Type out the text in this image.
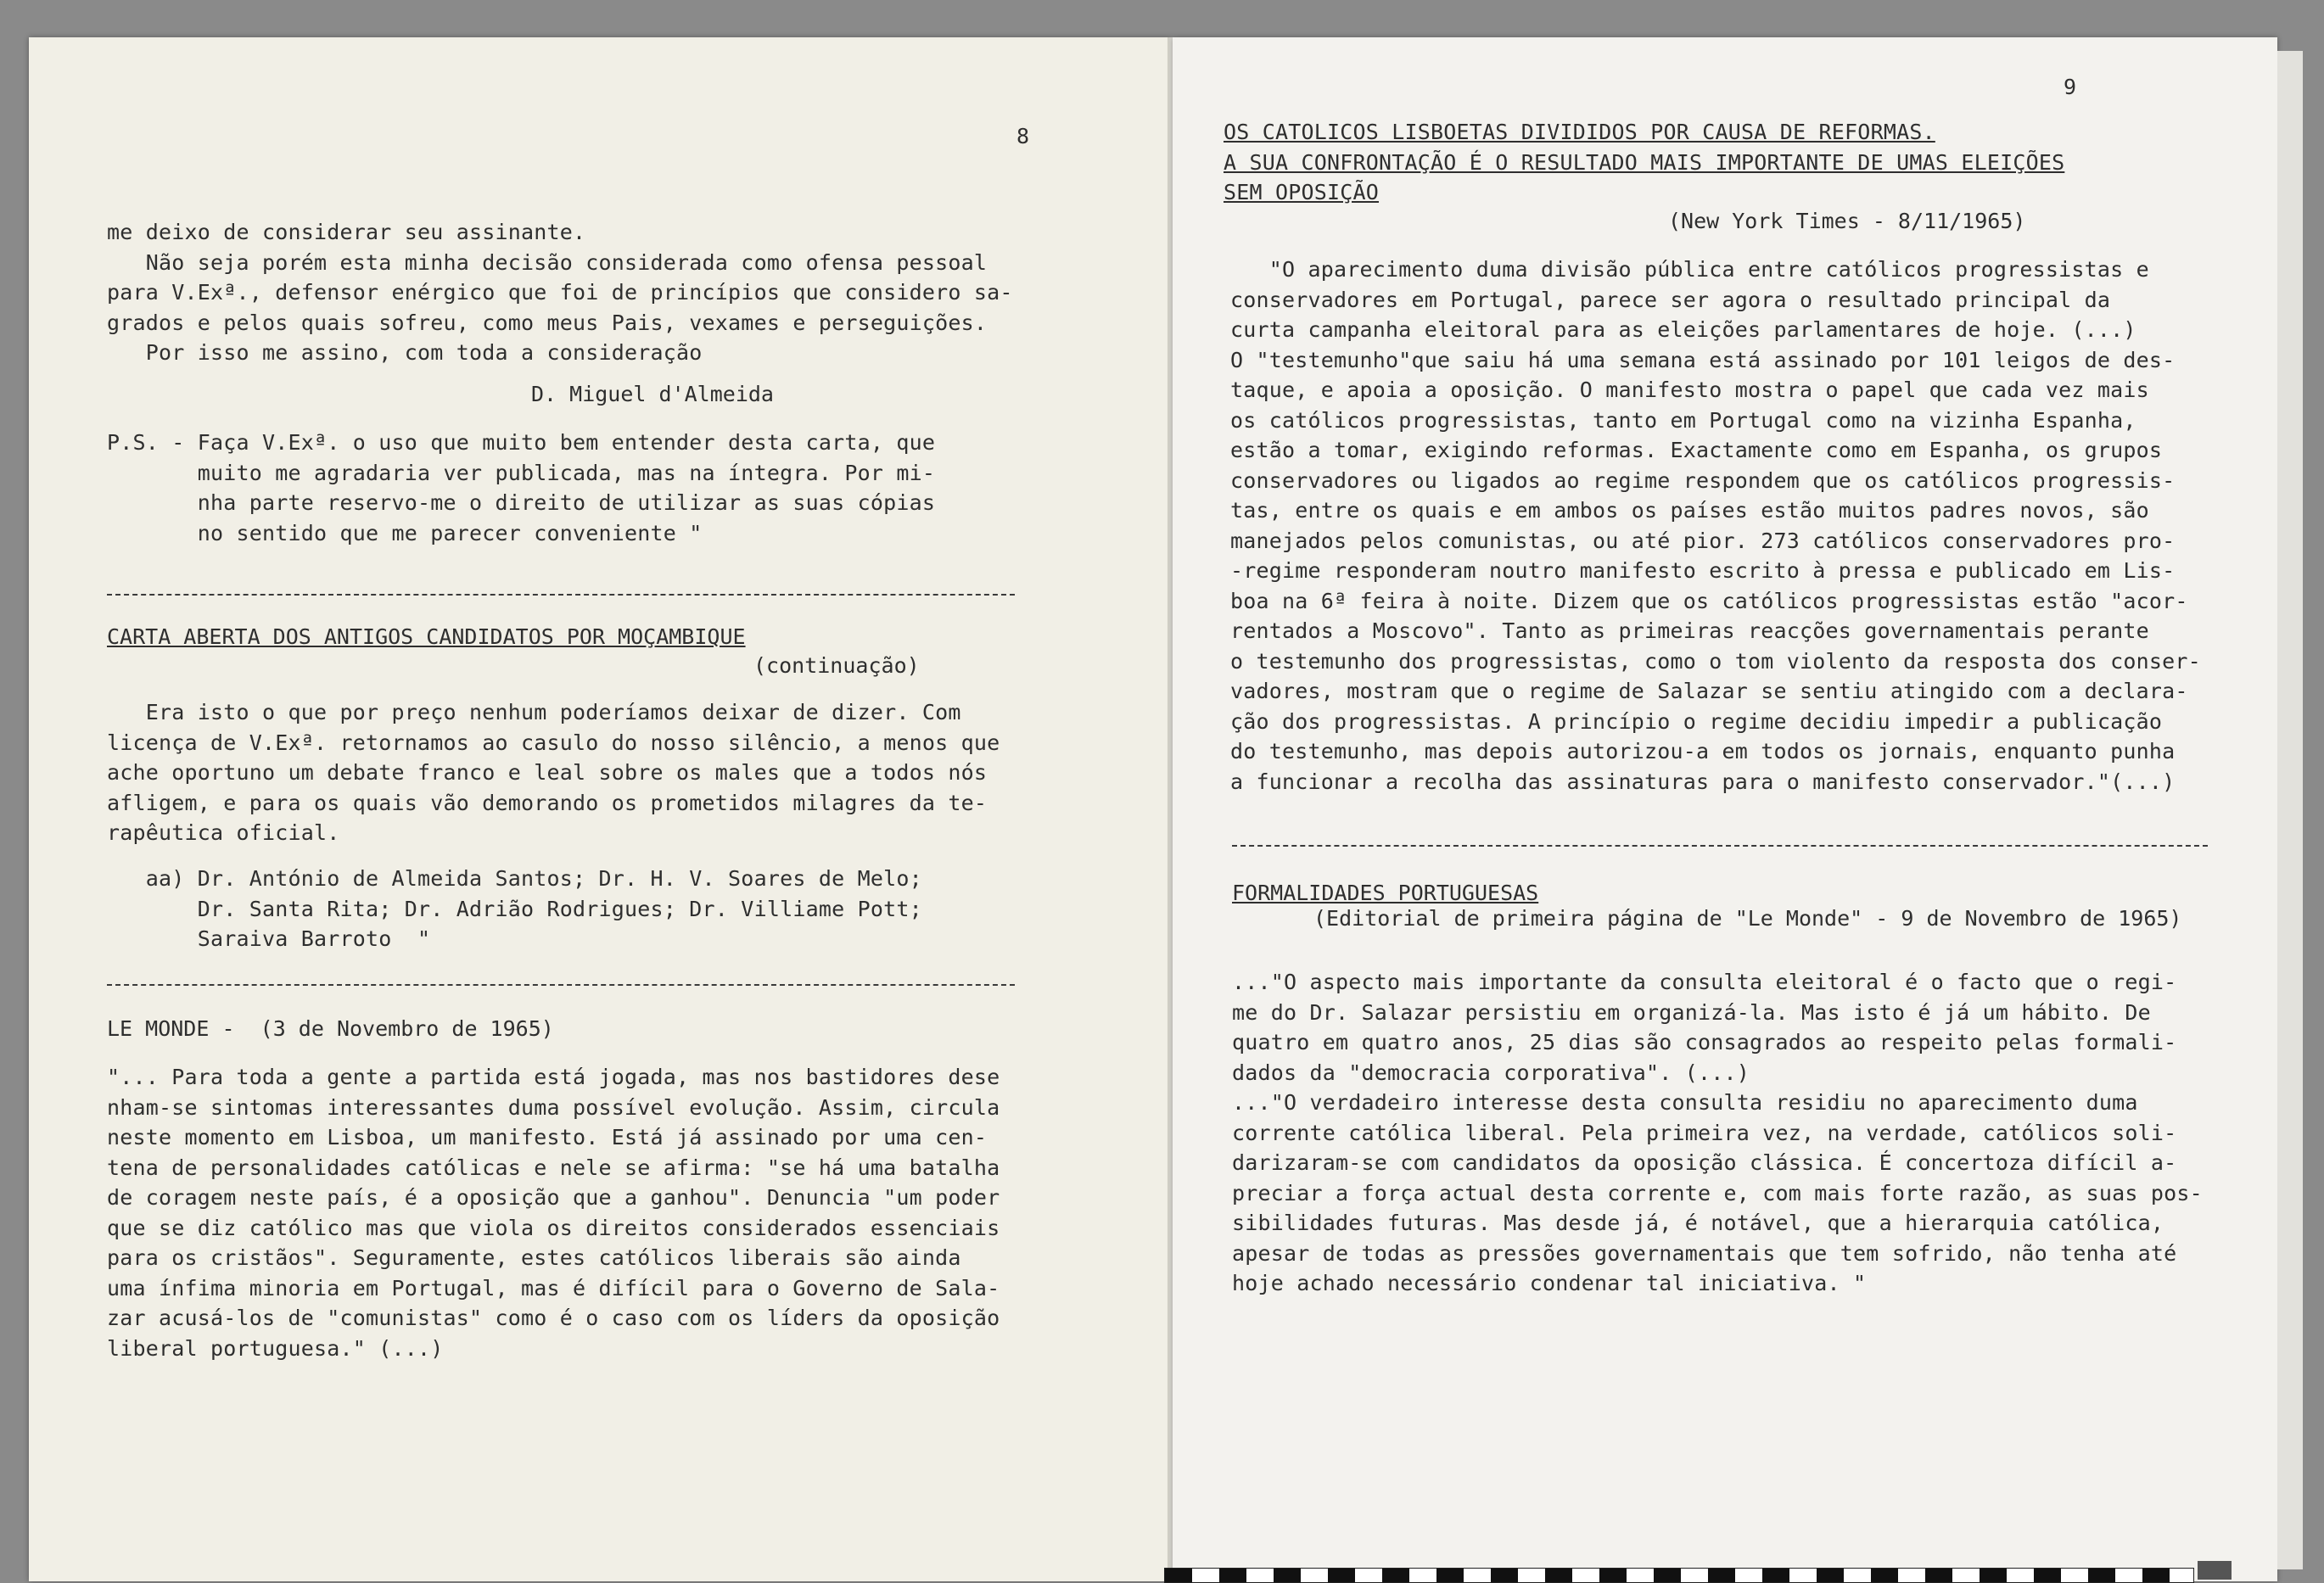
8
me deixo de considerar seu assinante.
Não seja porém esta minha decisão considerada como ofensa pessoal
para V.Exª., defensor enérgico que foi de princípios que considero sa-
grados e pelos quais sofreu, como meus Pais, vexames e perseguições.
Por isso me assino, com toda a consideração
D. Miguel d'Almeida
P.S. - Faça V.Exª. o uso que muito bem entender desta carta, que
muito me agradaria ver publicada, mas na íntegra. Por mi-
nha parte reservo-me o direito de utilizar as suas cópias
no sentido que me parecer conveniente "
CARTA ABERTA DOS ANTIGOS CANDIDATOS POR MOÇAMBIQUE
(continuação)
Era isto o que por preço nenhum poderíamos deixar de dizer. Com
licença de V.Exª. retornamos ao casulo do nosso silêncio, a menos que
ache oportuno um debate franco e leal sobre os males que a todos nós
afligem, e para os quais vão demorando os prometidos milagres da te-
rapêutica oficial.
aa) Dr. António de Almeida Santos; Dr. H. V. Soares de Melo;
Dr. Santa Rita; Dr. Adrião Rodrigues; Dr. Villiame Pott;
Saraiva Barroto  "
LE MONDE -  (3 de Novembro de 1965)
"... Para toda a gente a partida está jogada, mas nos bastidores dese
nham-se sintomas interessantes duma possível evolução. Assim, circula
neste momento em Lisboa, um manifesto. Está já assinado por uma cen-
tena de personalidades católicas e nele se afirma: "se há uma batalha
de coragem neste país, é a oposição que a ganhou". Denuncia "um poder
que se diz católico mas que viola os direitos considerados essenciais
para os cristãos". Seguramente, estes católicos liberais são ainda
uma ínfima minoria em Portugal, mas é difícil para o Governo de Sala-
zar acusá-los de "comunistas" como é o caso com os líders da oposição
liberal portuguesa." (...)
9
OS CATOLICOS LISBOETAS DIVIDIDOS POR CAUSA DE REFORMAS.
A SUA CONFRONTAÇÃO É O RESULTADO MAIS IMPORTANTE DE UMAS ELEIÇÕES
SEM OPOSIÇÃO
(New York Times - 8/11/1965)
"O aparecimento duma divisão pública entre católicos progressistas e
conservadores em Portugal, parece ser agora o resultado principal da
curta campanha eleitoral para as eleições parlamentares de hoje. (...)
O "testemunho"que saiu há uma semana está assinado por 101 leigos de des-
taque, e apoia a oposição. O manifesto mostra o papel que cada vez mais
os católicos progressistas, tanto em Portugal como na vizinha Espanha,
estão a tomar, exigindo reformas. Exactamente como em Espanha, os grupos
conservadores ou ligados ao regime respondem que os católicos progressis-
tas, entre os quais e em ambos os países estão muitos padres novos, são
manejados pelos comunistas, ou até pior. 273 católicos conservadores pro-
-regime responderam noutro manifesto escrito à pressa e publicado em Lis-
boa na 6ª feira à noite. Dizem que os católicos progressistas estão "acor-
rentados a Moscovo". Tanto as primeiras reacções governamentais perante
o testemunho dos progressistas, como o tom violento da resposta dos conser-
vadores, mostram que o regime de Salazar se sentiu atingido com a declara-
ção dos progressistas. A princípio o regime decidiu impedir a publicação
do testemunho, mas depois autorizou-a em todos os jornais, enquanto punha
a funcionar a recolha das assinaturas para o manifesto conservador."(...)
FORMALIDADES PORTUGUESAS
(Editorial de primeira página de "Le Monde" - 9 de Novembro de 1965)
..."O aspecto mais importante da consulta eleitoral é o facto que o regi-
me do Dr. Salazar persistiu em organizá-la. Mas isto é já um hábito. De
quatro em quatro anos, 25 dias são consagrados ao respeito pelas formali-
dados da "democracia corporativa". (...)
..."O verdadeiro interesse desta consulta residiu no aparecimento duma
corrente católica liberal. Pela primeira vez, na verdade, católicos soli-
darizaram-se com candidatos da oposição clássica. É concertoza difícil a-
preciar a força actual desta corrente e, com mais forte razão, as suas pos-
sibilidades futuras. Mas desde já, é notável, que a hierarquia católica,
apesar de todas as pressões governamentais que tem sofrido, não tenha até
hoje achado necessário condenar tal iniciativa. "
